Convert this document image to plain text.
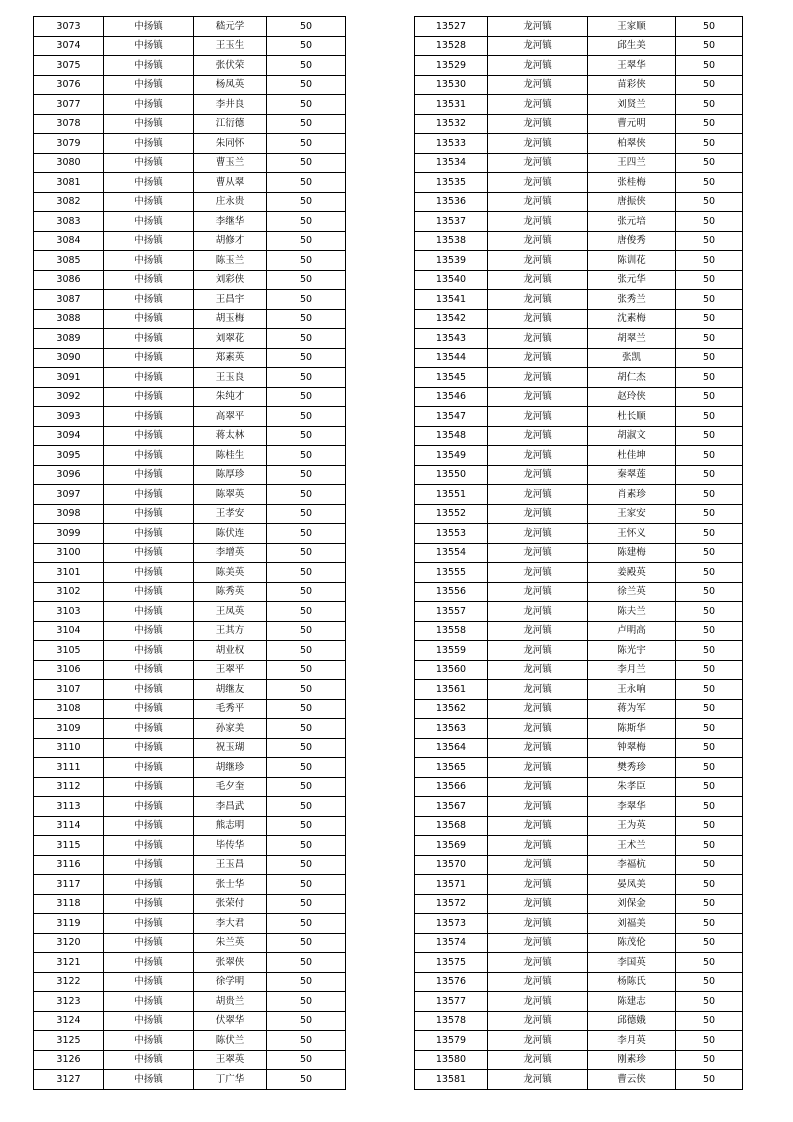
3073	中扬镇	嵇元学	50
3074	中扬镇	王玉生	50
3075	中扬镇	张伏荣	50
3076	中扬镇	杨凤英	50
3077	中扬镇	李井良	50
3078	中扬镇	江衍德	50
3079	中扬镇	朱同怀	50
3080	中扬镇	曹玉兰	50
3081	中扬镇	曹从翠	50
3082	中扬镇	庄永贵	50
3083	中扬镇	李继华	50
3084	中扬镇	胡修才	50
3085	中扬镇	陈玉兰	50
3086	中扬镇	刘彩侠	50
3087	中扬镇	王昌宇	50
3088	中扬镇	胡玉梅	50
3089	中扬镇	刘翠花	50
3090	中扬镇	郑素英	50
3091	中扬镇	王玉良	50
3092	中扬镇	朱纯才	50
3093	中扬镇	高翠平	50
3094	中扬镇	蒋太林	50
3095	中扬镇	陈桂生	50
3096	中扬镇	陈厚珍	50
3097	中扬镇	陈翠英	50
3098	中扬镇	王孝安	50
3099	中扬镇	陈伏连	50
3100	中扬镇	李增英	50
3101	中扬镇	陈美英	50
3102	中扬镇	陈秀英	50
3103	中扬镇	王凤英	50
3104	中扬镇	王其方	50
3105	中扬镇	胡业权	50
3106	中扬镇	王翠平	50
3107	中扬镇	胡继友	50
3108	中扬镇	毛秀平	50
3109	中扬镇	孙家美	50
3110	中扬镇	祝玉瑚	50
3111	中扬镇	胡继珍	50
3112	中扬镇	毛夕奎	50
3113	中扬镇	李昌武	50
3114	中扬镇	熊志明	50
3115	中扬镇	毕传华	50
3116	中扬镇	王玉昌	50
3117	中扬镇	张士华	50
3118	中扬镇	张荣付	50
3119	中扬镇	李大君	50
3120	中扬镇	朱兰英	50
3121	中扬镇	张翠侠	50
3122	中扬镇	徐学明	50
3123	中扬镇	胡贵兰	50
3124	中扬镇	伏翠华	50
3125	中扬镇	陈伏兰	50
3126	中扬镇	王翠英	50
3127	中扬镇	丁广华	50
13527	龙河镇	王家顺	50
13528	龙河镇	邱生美	50
13529	龙河镇	王翠华	50
13530	龙河镇	苗彩侠	50
13531	龙河镇	刘贤兰	50
13532	龙河镇	曹元明	50
13533	龙河镇	柏翠侠	50
13534	龙河镇	王四兰	50
13535	龙河镇	张桂梅	50
13536	龙河镇	唐振侠	50
13537	龙河镇	张元培	50
13538	龙河镇	唐俊秀	50
13539	龙河镇	陈训花	50
13540	龙河镇	张元华	50
13541	龙河镇	张秀兰	50
13542	龙河镇	沈素梅	50
13543	龙河镇	胡翠兰	50
13544	龙河镇	张凯	50
13545	龙河镇	胡仁杰	50
13546	龙河镇	赵玲侠	50
13547	龙河镇	杜长顺	50
13548	龙河镇	胡淑文	50
13549	龙河镇	杜佳坤	50
13550	龙河镇	秦翠莲	50
13551	龙河镇	肖素珍	50
13552	龙河镇	王家安	50
13553	龙河镇	王怀义	50
13554	龙河镇	陈建梅	50
13555	龙河镇	姜殿英	50
13556	龙河镇	徐兰英	50
13557	龙河镇	陈夫兰	50
13558	龙河镇	卢明高	50
13559	龙河镇	陈光宇	50
13560	龙河镇	李月兰	50
13561	龙河镇	王永响	50
13562	龙河镇	蒋为军	50
13563	龙河镇	陈斯华	50
13564	龙河镇	钟翠梅	50
13565	龙河镇	樊秀珍	50
13566	龙河镇	朱孝臣	50
13567	龙河镇	李翠华	50
13568	龙河镇	王为英	50
13569	龙河镇	王术兰	50
13570	龙河镇	李福杭	50
13571	龙河镇	晏凤美	50
13572	龙河镇	刘保金	50
13573	龙河镇	刘福美	50
13574	龙河镇	陈茂伦	50
13575	龙河镇	李国英	50
13576	龙河镇	杨陈氏	50
13577	龙河镇	陈建志	50
13578	龙河镇	邱德娥	50
13579	龙河镇	李月英	50
13580	龙河镇	刚素珍	50
13581	龙河镇	曹云侠	50
